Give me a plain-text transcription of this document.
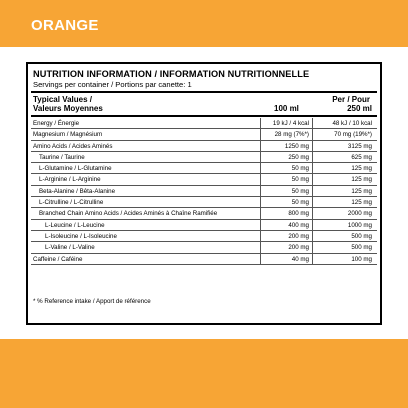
ORANGE
NUTRITION INFORMATION / INFORMATION NUTRITIONNELLE
Servings per container / Portions par canette: 1
Typical Values /
Valeurs Moyennes
Per / Pour
100 ml	250 ml
Energy / Énergie	19 kJ / 4 kcal	48 kJ / 10 kcal
Magnesium / Magnésium	28 mg (7%*)	70 mg (19%*)
Amino Acids / Acides Aminés	1250 mg	3125 mg
Taurine / Taurine	250 mg	625 mg
L-Glutamine / L-Glutamine	50 mg	125 mg
L-Arginine / L-Arginine	50 mg	125 mg
Beta-Alanine / Bêta-Alanine	50 mg	125 mg
L-Citrulline / L-Citrulline	50 mg	125 mg
Branched Chain Amino Acids / Acides Aminés à Chaîne Ramifiée	800 mg	2000 mg
L-Leucine / L-Leucine	400 mg	1000 mg
L-Isoleucine / L-Isoleucine	200 mg	500 mg
L-Valine / L-Valine	200 mg	500 mg
Caffeine / Caféine	40 mg	100 mg
* % Reference intake / Apport de référence
